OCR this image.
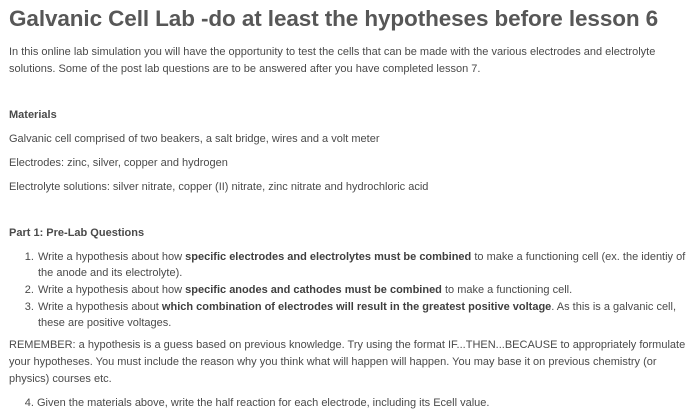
Galvanic Cell Lab -do at least the hypotheses before lesson 6

In this online lab simulation you will have the opportunity to test the cells that can be made with the various electrodes and electrolyte solutions. Some of the post lab questions are to be answered after you have completed lesson 7.

Materials

Galvanic cell comprised of two beakers, a salt bridge, wires and a volt meter

Electrodes: zinc, silver, copper and hydrogen

Electrolyte solutions: silver nitrate, copper (II) nitrate, zinc nitrate and hydrochloric acid

Part 1: Pre-Lab Questions

1. Write a hypothesis about how specific electrodes and electrolytes must be combined to make a functioning cell (ex. the identiy of the anode and its electrolyte).
2. Write a hypothesis about how specific anodes and cathodes must be combined to make a functioning cell.
3. Write a hypothesis about which combination of electrodes will result in the greatest positive voltage. As this is a galvanic cell, these are positive voltages.

REMEMBER: a hypothesis is a guess based on previous knowledge. Try using the format IF...THEN...BECAUSE to appropriately formulate your hypotheses. You must include the reason why you think what will happen will happen. You may base it on previous chemistry (or physics) courses etc.

4. Given the materials above, write the half reaction for each electrode, including its Ecell value.
